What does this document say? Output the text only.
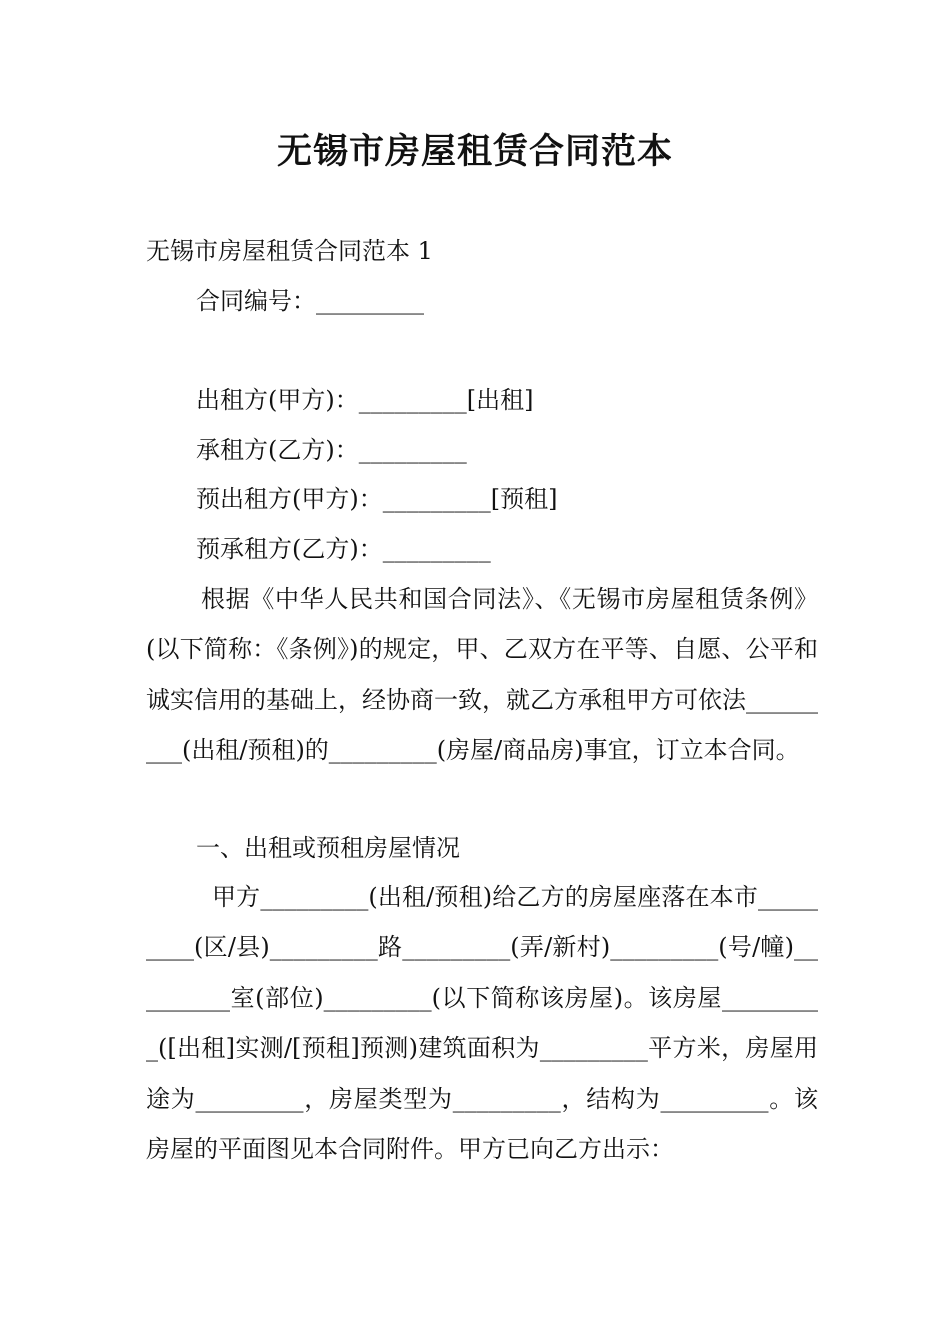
无锡市房屋租赁合同范本
无锡市房屋租赁合同范本 1
合同编号：_________
出租方(甲方)：_________[出租]
承租方(乙方)：_________
预出租方(甲方)：_________[预租]
预承租方(乙方)：_________

根据《中华人民共和国合同法》、《无锡市房屋租赁条例》(以下简称：《条例》)的规定，甲、乙双方在平等、自愿、公平和诚实信用的基础上，经协商一致，就乙方承租甲方可依法_________(出租/预租)的_________(房屋/商品房)事宜，订立本合同。

一、出租或预租房屋情况

甲方_________(出租/预租)给乙方的房屋座落在本市_________(区/县)_________路_________(弄/新村)_________(号/幢)_________室(部位)_________(以下简称该房屋)。该房屋_________([出租]实测/[预租]预测)建筑面积为_________平方米，房屋用途为_________，房屋类型为_________，结构为_________。该房屋的平面图见本合同附件。甲方已向乙方出示：
